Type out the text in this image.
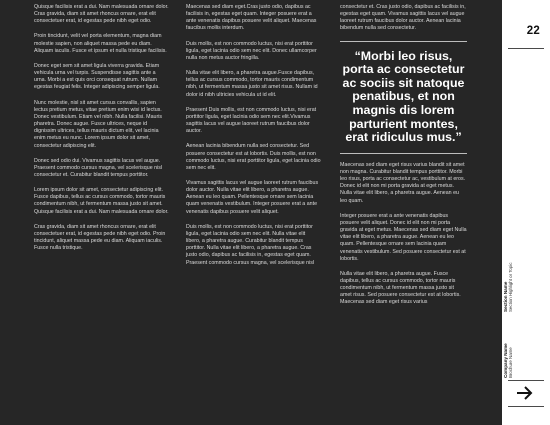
Quisque facilisis erat a dui. Nam malesuada ornare dolor. Cras gravida, diam sit amet rhoncus ornare, erat elit consectetuer erat, id egestas pede nibh eget odio.

Proin tincidunt, velit vel porta elementum, magna diam molestie sapien, non aliquet massa pede eu diam. Aliquam iaculis. Fusce et ipsum et nulla tristique facilisis.

Donec eget sem sit amet ligula viverra gravida. Etiam vehicula urna vel turpis. Suspendisse sagittis ante a urna. Morbi a est quis orci consequat rutrum. Nullam egestas feugiat felis. Integer adipiscing semper ligula.

Nunc molestie, nisl sit amet cursus convallis, sapien lectus pretium metus, vitae pretium enim wisi id lectus. Donec vestibulum. Etiam vel nibh. Nulla facilisi. Mauris pharetra. Donec augue. Fusce ultrices, neque id dignissim ultrices, tellus mauris dictum elit, vel lacinia enim metus eu nunc. Lorem ipsum dolor sit amet, consectetur adipiscing elit.

Donec sed odio dui. Vivamus sagittis lacus vel augue. Praesent commodo cursus magna, vel scelerisque nisl consectetur et. Curabitur blandit tempus porttitor.

Lorem ipsum dolor sit amet, consectetur adipiscing elit. Fusce dapibus, tellus ac cursus commodo, tortor mauris condimentum nibh, ut fermentum massa justo sit amet. Quisque facilisis erat a dui. Nam malesuada ornare dolor.

Cras gravida, diam sit amet rhoncus ornare, erat elit consectetuer erat, id egestas pede nibh eget odio. Proin tincidunt, aliquet massa pede eu diam. Aliquam iaculis. Fusce nulla tristique.

Maecenas sed diam eget.Cras justo odio, dapibus ac facilisis in, egestas eget quam. Integer posuere erat a ante venenatis dapibus posuere velit aliquet. Maecenas faucibus mollis interdum.

Duis mollis, est non commodo luctus, nisi erat porttitor ligula, eget lacinia odio sem nec elit. Donec ullamcorper nulla non metus auctor fringilla.

Nulla vitae elit libero, a pharetra augue.Fusce dapibus, tellus ac cursus commodo, tortor mauris condimentum nibh, ut fermentum massa justo sit amet risus. Nullam id dolor id nibh ultricies vehicula ut id elit.

Praesent Duis mollis, est non commodo luctus, nisi erat porttitor ligula, eget lacinia odio sem nec elit.Vivamus sagittis lacus vel augue laoreet rutrum faucibus dolor auctor.

Aenean lacinia bibendum nulla sed consectetur. Sed posuere consectetur est at lobortis. Duis mollis, est non commodo luctus, nisi erat porttitor ligula, eget lacinia odio sem nec elit.

Vivamus sagittis lacus vel augue laoreet rutrum faucibus dolor auctor. Nulla vitae elit libero, a pharetra augue. Aenean eu leo quam. Pellentesque ornare sem lacinia quam venenatis vestibulum. Integer posuere erat a ante venenatis dapibus posuere velit aliquet.

Duis mollis, est non commodo luctus, nisi erat porttitor ligula, eget lacinia odio sem nec elit. Nulla vitae elit libero, a pharetra augue. Curabitur blandit tempus porttitor. Nulla vitae elit libero, a pharetra augue. Cras justo odio, dapibus ac facilisis in, egestas eget quam. Praesent commodo cursus magna, vel scelerisque nisl

consectetur et. Cras justo odio, dapibus ac facilisis in, egestas eget quam. Vivamus sagittis lacus vel augue laoreet rutrum faucibus dolor auctor. Aenean lacinia bibendum nulla sed consectetur.

“Morbi leo risus, porta ac consectetur ac sociis sit natoque penatibus, et non magnis dis lorem parturient montes, erat ridiculus mus.”

Maecenas sed diam eget risus varius blandit sit amet non magna. Curabitur blandit tempus porttitor. Morbi leo risus, porta ac consectetur ac, vestibulum at eros. Donec id elit non mi porta gravida at eget metus. Nulla vitae elit libero, a pharetra augue. Aenean eu leo quam.

Integer posuere erat a ante venenatis dapibus posuere velit aliquet. Donec id elit non mi porta gravida at eget metus. Maecenas sed diam eget Nulla vitae elit libero, a pharetra augue. Aenean eu leo quam. Pellentesque ornare sem lacinia quam venenatis vestibulum. Sed posuere consectetur est at lobortis.

Nulla vitae elit libero, a pharetra augue. Fusce dapibus, tellus ac cursus commodo, tortor mauris condimentum nibh, ut fermentum massa justo sit amet risus. Sed posuere consectetur est at lobortis. Maecenas sed diam eget risus varius

22
Section Name Section Highlight or Topic
Company Name Brochure Name
